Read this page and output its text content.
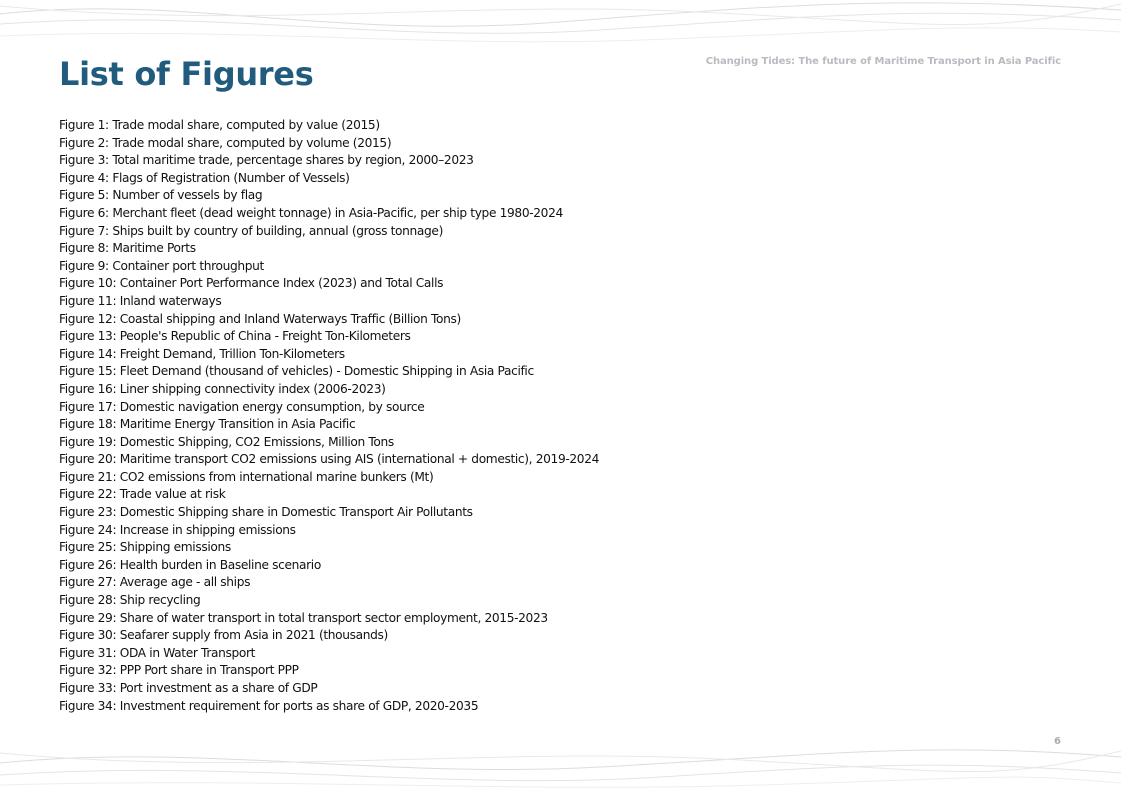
Changing Tides: The future of Maritime Transport in Asia Pacific
List of Figures
Figure 1: Trade modal share, computed by value (2015)
Figure 2: Trade modal share, computed by volume (2015)
Figure 3: Total maritime trade, percentage shares by region, 2000–2023
Figure 4: Flags of Registration (Number of Vessels)
Figure 5: Number of vessels by flag
Figure 6: Merchant fleet (dead weight tonnage) in Asia-Pacific, per ship type 1980-2024
Figure 7: Ships built by country of building, annual (gross tonnage)
Figure 8: Maritime Ports
Figure 9: Container port throughput
Figure 10: Container Port Performance Index (2023) and Total Calls
Figure 11: Inland waterways
Figure 12: Coastal shipping and Inland Waterways Traffic (Billion Tons)
Figure 13: People's Republic of China - Freight Ton-Kilometers
Figure 14: Freight Demand, Trillion Ton-Kilometers
Figure 15: Fleet Demand (thousand of vehicles) - Domestic Shipping in Asia Pacific
Figure 16: Liner shipping connectivity index (2006-2023)
Figure 17: Domestic navigation energy consumption, by source
Figure 18: Maritime Energy Transition in Asia Pacific
Figure 19: Domestic Shipping, CO2 Emissions, Million Tons
Figure 20: Maritime transport CO2 emissions using AIS (international + domestic), 2019-2024
Figure 21: CO2 emissions from international marine bunkers (Mt)
Figure 22: Trade value at risk
Figure 23: Domestic Shipping share in Domestic Transport Air Pollutants
Figure 24: Increase in shipping emissions
Figure 25: Shipping emissions
Figure 26: Health burden in Baseline scenario
Figure 27: Average age - all ships
Figure 28: Ship recycling
Figure 29: Share of water transport in total transport sector employment, 2015-2023
Figure 30: Seafarer supply from Asia in 2021 (thousands)
Figure 31: ODA in Water Transport
Figure 32: PPP Port share in Transport PPP
Figure 33: Port investment as a share of GDP
Figure 34: Investment requirement for ports as share of GDP, 2020-2035
6
